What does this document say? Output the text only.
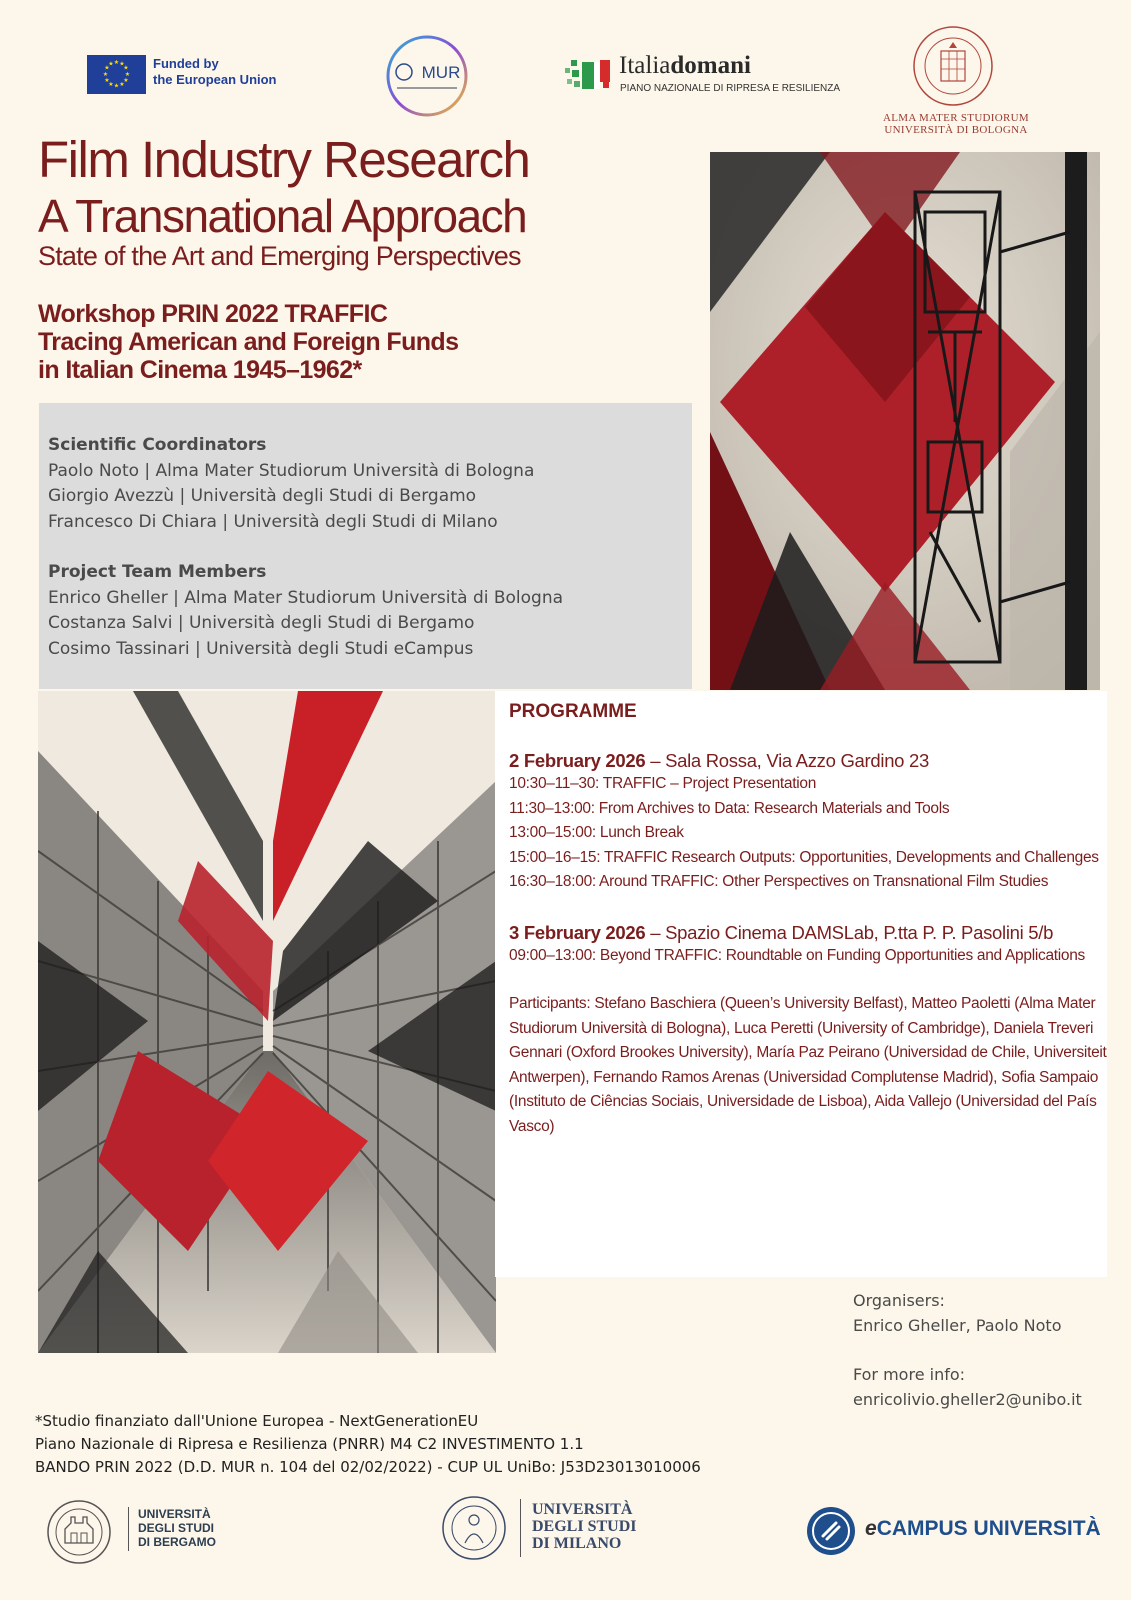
★ ★
★
★
★
★
★
★
★
★
★
★	Funded by
the European Union	MUR	Italiadomani
PIANO NAZIONALE DI RIPRESA E RESILIENZA
ALMA MATER STUDIORUM
UNIVERSITÀ DI BOLOGNA
Film Industry Research
A Transnational Approach
State of the Art and Emerging Perspectives
Workshop PRIN 2022 TRAFFIC
Tracing American and Foreign Funds
in Italian Cinema 1945–1962*
Scientific Coordinators
Paolo Noto | Alma Mater Studiorum Università di Bologna
Giorgio Avezzù | Università degli Studi di Bergamo
Francesco Di Chiara | Università degli Studi di Milano
Project Team Members
Enrico Gheller | Alma Mater Studiorum Università di Bologna
Costanza Salvi | Università degli Studi di Bergamo
Cosimo Tassinari | Università degli Studi eCampus
PROGRAMME
2 February 2026 – Sala Rossa, Via Azzo Gardino 23
10:30–11–30: TRAFFIC – Project Presentation
11:30–13:00: From Archives to Data: Research Materials and Tools
13:00–15:00: Lunch Break
15:00–16–15: TRAFFIC Research Outputs: Opportunities, Developments and Challenges
16:30–18:00: Around TRAFFIC: Other Perspectives on Transnational Film Studies
3 February 2026 – Spazio Cinema DAMSLab, P.tta P. P. Pasolini 5/b
09:00–13:00: Beyond TRAFFIC: Roundtable on Funding Opportunities and Applications
Participants: Stefano Baschiera (Queen’s University Belfast), Matteo Paoletti (Alma Mater Studiorum Università di Bologna), Luca Peretti (University of Cambridge), Daniela Treveri Gennari (Oxford Brookes University), María Paz Peirano (Universidad de Chile, Universiteit Antwerpen), Fernando Ramos Arenas (Universidad Complutense Madrid), Sofia Sampaio (Instituto de Ciências Sociais, Universidade de Lisboa), Aida Vallejo (Universidad del País Vasco)
Organisers:
Enrico Gheller, Paolo Noto
For more info:
enricolivio.gheller2@unibo.it
*Studio finanziato dall'Unione Europea - NextGenerationEU
Piano Nazionale di Ripresa e Resilienza (PNRR) M4 C2 INVESTIMENTO 1.1
BANDO PRIN 2022 (D.D. MUR n. 104 del 02/02/2022) - CUP UL UniBo: J53D23013010006
UNIVERSITÀ
DEGLI STUDI
DI BERGAMO
UNIVERSITÀ
DEGLI STUDI
DI MILANO
eCAMPUS UNIVERSITÀ
